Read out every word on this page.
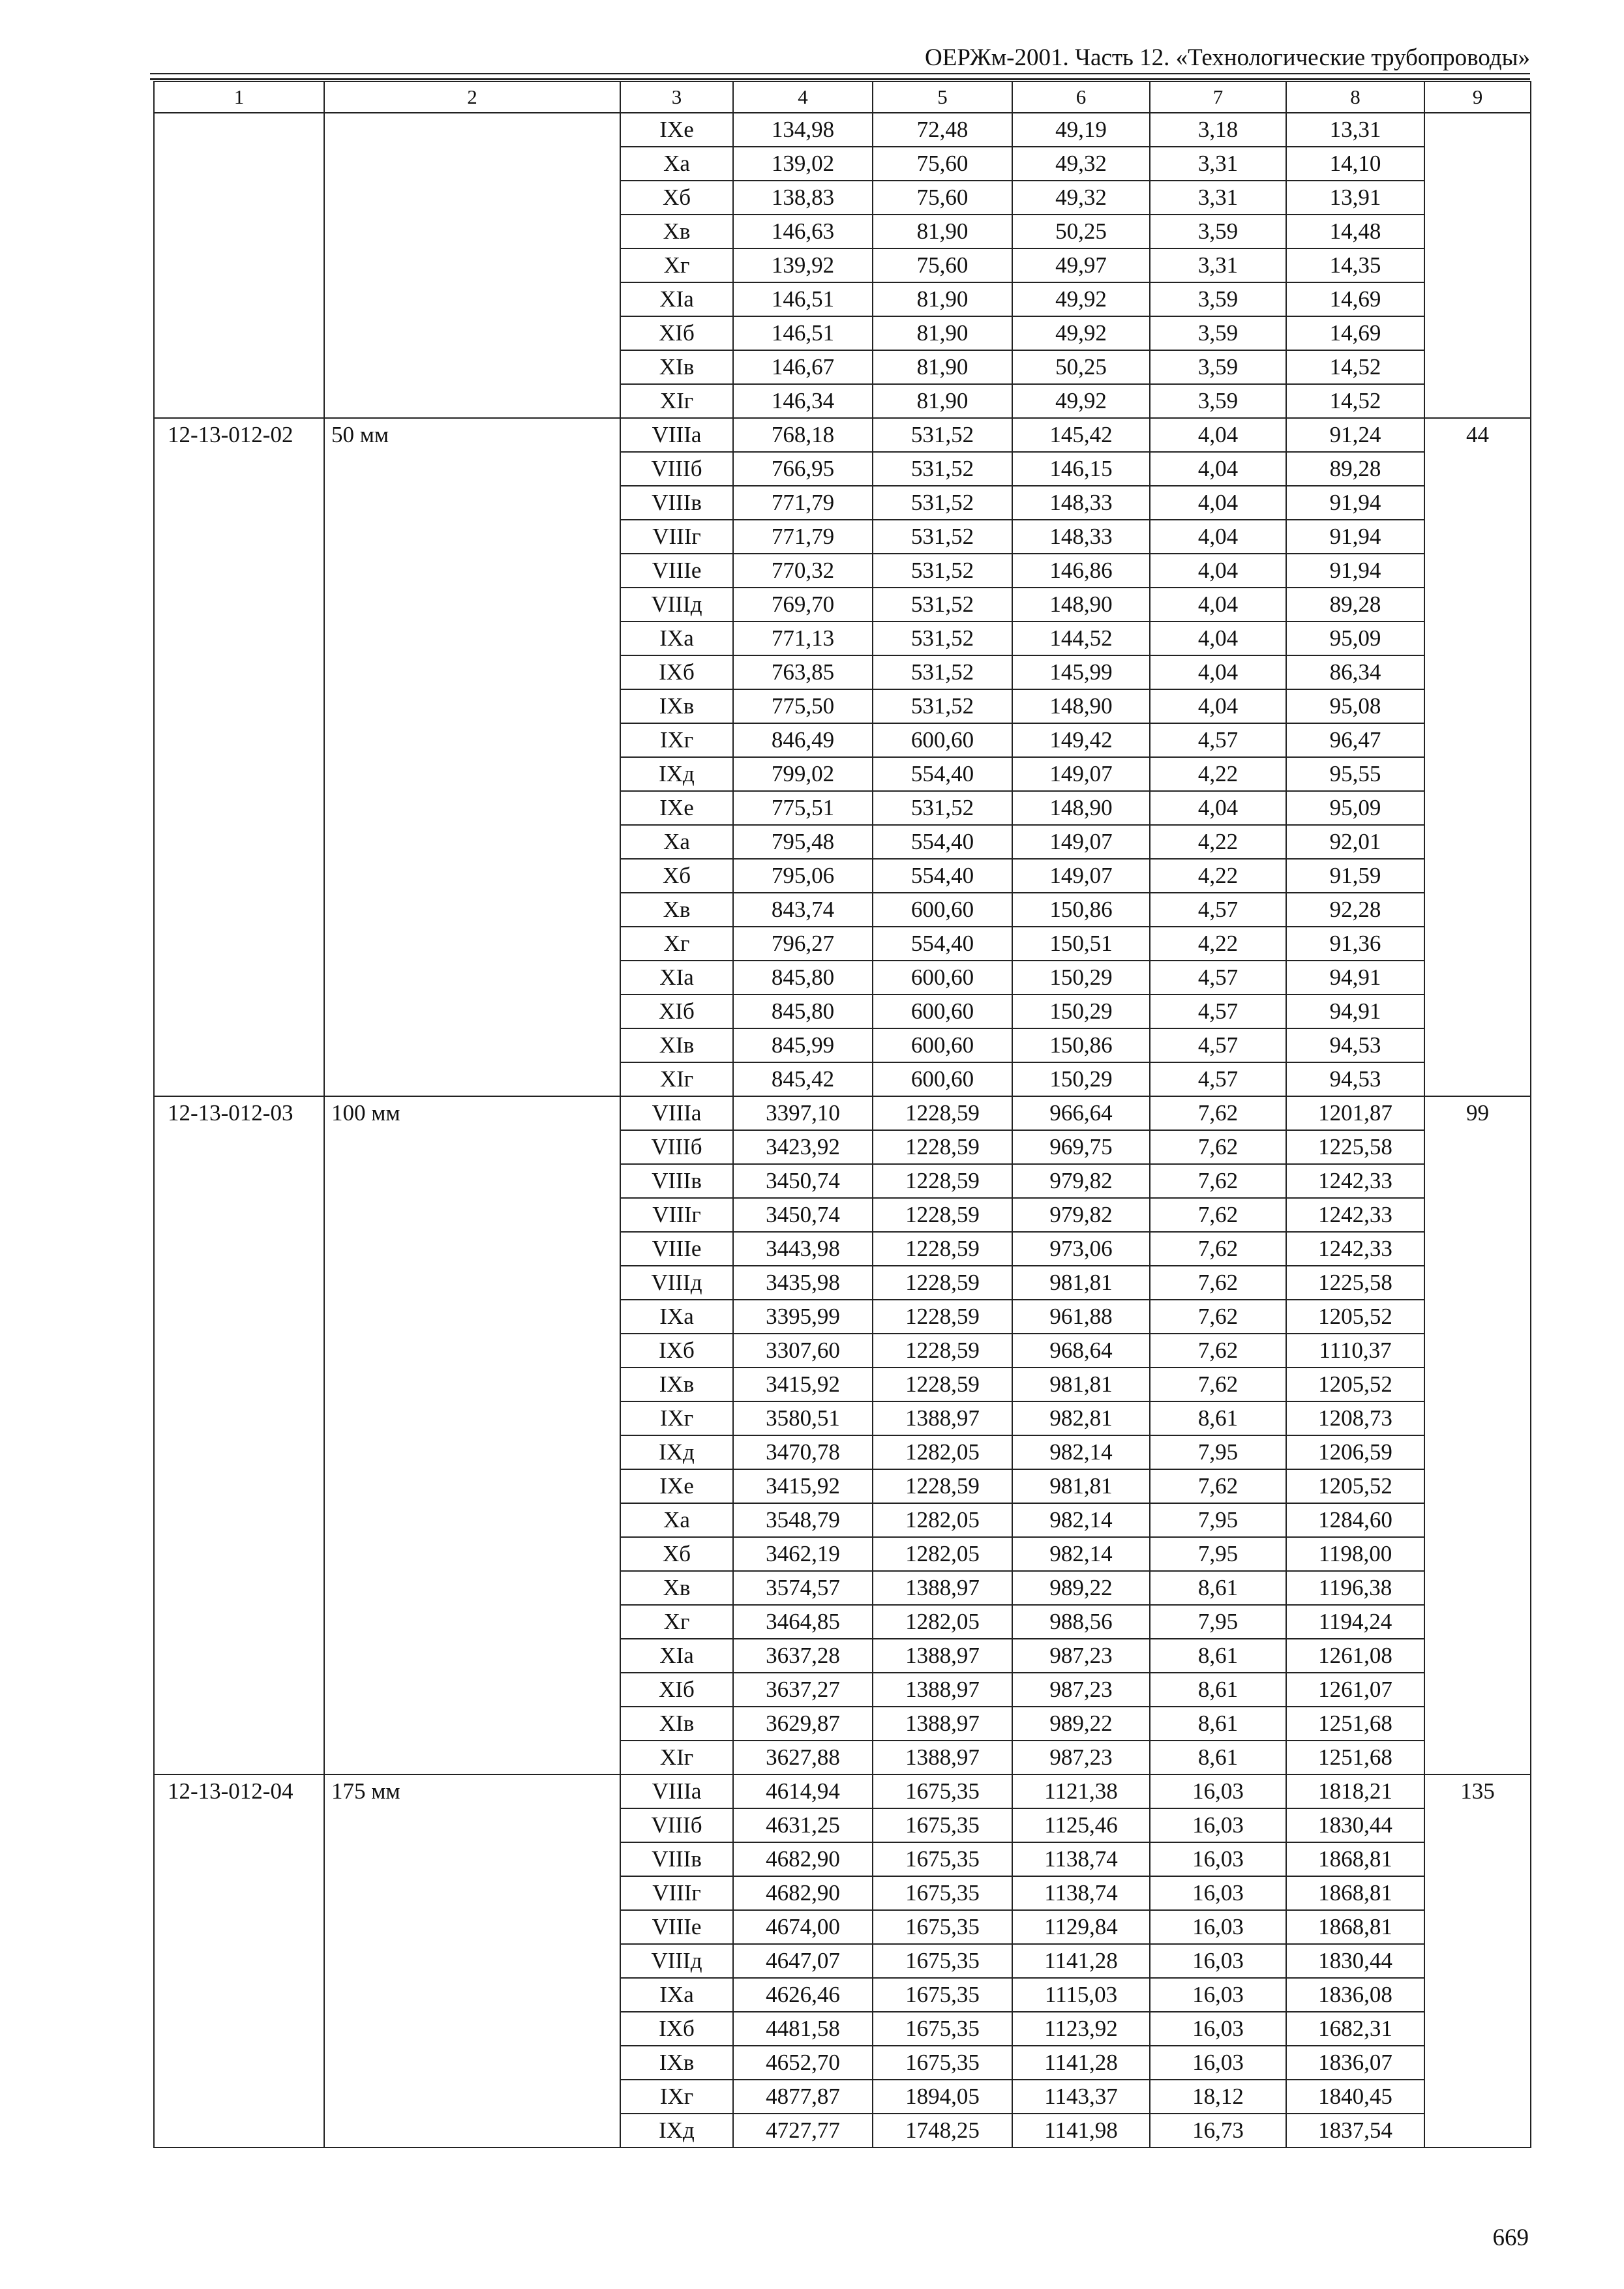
ОЕРЖм-2001. Часть 12. «Технологические трубопроводы»
1	2	3	4	5	6	7	8	9
		IXе	134,98	72,48	49,19	3,18	13,31	
		Xа	139,02	75,60	49,32	3,31	14,10	
		Xб	138,83	75,60	49,32	3,31	13,91	
		Xв	146,63	81,90	50,25	3,59	14,48	
		Xг	139,92	75,60	49,97	3,31	14,35	
		XIа	146,51	81,90	49,92	3,59	14,69	
		XIб	146,51	81,90	49,92	3,59	14,69	
		XIв	146,67	81,90	50,25	3,59	14,52	
		XIг	146,34	81,90	49,92	3,59	14,52	
12-13-012-02	50 мм	VIIIа	768,18	531,52	145,42	4,04	91,24	44
		VIIIб	766,95	531,52	146,15	4,04	89,28	
		VIIIв	771,79	531,52	148,33	4,04	91,94	
		VIIIг	771,79	531,52	148,33	4,04	91,94	
		VIIIе	770,32	531,52	146,86	4,04	91,94	
		VIIIд	769,70	531,52	148,90	4,04	89,28	
		IXа	771,13	531,52	144,52	4,04	95,09	
		IXб	763,85	531,52	145,99	4,04	86,34	
		IXв	775,50	531,52	148,90	4,04	95,08	
		IXг	846,49	600,60	149,42	4,57	96,47	
		IXд	799,02	554,40	149,07	4,22	95,55	
		IXе	775,51	531,52	148,90	4,04	95,09	
		Xа	795,48	554,40	149,07	4,22	92,01	
		Xб	795,06	554,40	149,07	4,22	91,59	
		Xв	843,74	600,60	150,86	4,57	92,28	
		Xг	796,27	554,40	150,51	4,22	91,36	
		XIа	845,80	600,60	150,29	4,57	94,91	
		XIб	845,80	600,60	150,29	4,57	94,91	
		XIв	845,99	600,60	150,86	4,57	94,53	
		XIг	845,42	600,60	150,29	4,57	94,53	
12-13-012-03	100 мм	VIIIа	3397,10	1228,59	966,64	7,62	1201,87	99
		VIIIб	3423,92	1228,59	969,75	7,62	1225,58	
		VIIIв	3450,74	1228,59	979,82	7,62	1242,33	
		VIIIг	3450,74	1228,59	979,82	7,62	1242,33	
		VIIIе	3443,98	1228,59	973,06	7,62	1242,33	
		VIIIд	3435,98	1228,59	981,81	7,62	1225,58	
		IXа	3395,99	1228,59	961,88	7,62	1205,52	
		IXб	3307,60	1228,59	968,64	7,62	1110,37	
		IXв	3415,92	1228,59	981,81	7,62	1205,52	
		IXг	3580,51	1388,97	982,81	8,61	1208,73	
		IXд	3470,78	1282,05	982,14	7,95	1206,59	
		IXе	3415,92	1228,59	981,81	7,62	1205,52	
		Xа	3548,79	1282,05	982,14	7,95	1284,60	
		Xб	3462,19	1282,05	982,14	7,95	1198,00	
		Xв	3574,57	1388,97	989,22	8,61	1196,38	
		Xг	3464,85	1282,05	988,56	7,95	1194,24	
		XIа	3637,28	1388,97	987,23	8,61	1261,08	
		XIб	3637,27	1388,97	987,23	8,61	1261,07	
		XIв	3629,87	1388,97	989,22	8,61	1251,68	
		XIг	3627,88	1388,97	987,23	8,61	1251,68	
12-13-012-04	175 мм	VIIIа	4614,94	1675,35	1121,38	16,03	1818,21	135
		VIIIб	4631,25	1675,35	1125,46	16,03	1830,44	
		VIIIв	4682,90	1675,35	1138,74	16,03	1868,81	
		VIIIг	4682,90	1675,35	1138,74	16,03	1868,81	
		VIIIе	4674,00	1675,35	1129,84	16,03	1868,81	
		VIIIд	4647,07	1675,35	1141,28	16,03	1830,44	
		IXа	4626,46	1675,35	1115,03	16,03	1836,08	
		IXб	4481,58	1675,35	1123,92	16,03	1682,31	
		IXв	4652,70	1675,35	1141,28	16,03	1836,07	
		IXг	4877,87	1894,05	1143,37	18,12	1840,45	
		IXд	4727,77	1748,25	1141,98	16,73	1837,54	
669
